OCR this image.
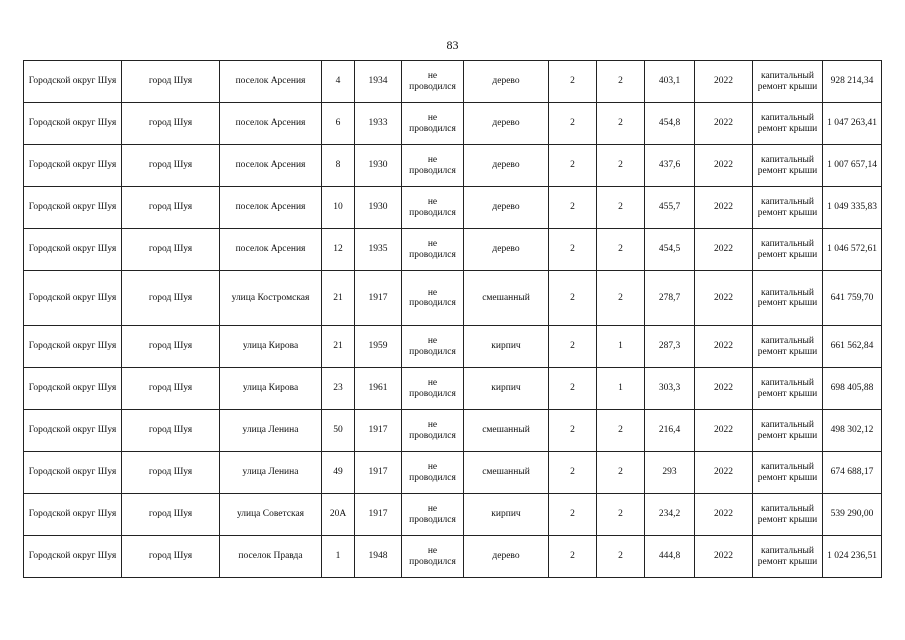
83
Городской округ Шуя	город Шуя	поселок Арсения	4	1934	не проводился	дерево	2	2	403,1	2022	капитальный ремонт крыши	928 214,34
Городской округ Шуя	город Шуя	поселок Арсения	6	1933	не проводился	дерево	2	2	454,8	2022	капитальный ремонт крыши	1 047 263,41
Городской округ Шуя	город Шуя	поселок Арсения	8	1930	не проводился	дерево	2	2	437,6	2022	капитальный ремонт крыши	1 007 657,14
Городской округ Шуя	город Шуя	поселок Арсения	10	1930	не проводился	дерево	2	2	455,7	2022	капитальный ремонт крыши	1 049 335,83
Городской округ Шуя	город Шуя	поселок Арсения	12	1935	не проводился	дерево	2	2	454,5	2022	капитальный ремонт крыши	1 046 572,61
Городской округ Шуя	город Шуя	улица Костромская	21	1917	не проводился	смешанный	2	2	278,7	2022	капитальный ремонт крыши	641 759,70
Городской округ Шуя	город Шуя	улица Кирова	21	1959	не проводился	кирпич	2	1	287,3	2022	капитальный ремонт крыши	661 562,84
Городской округ Шуя	город Шуя	улица Кирова	23	1961	не проводился	кирпич	2	1	303,3	2022	капитальный ремонт крыши	698 405,88
Городской округ Шуя	город Шуя	улица Ленина	50	1917	не проводился	смешанный	2	2	216,4	2022	капитальный ремонт крыши	498 302,12
Городской округ Шуя	город Шуя	улица Ленина	49	1917	не проводился	смешанный	2	2	293	2022	капитальный ремонт крыши	674 688,17
Городской округ Шуя	город Шуя	улица Советская	20А	1917	не проводился	кирпич	2	2	234,2	2022	капитальный ремонт крыши	539 290,00
Городской округ Шуя	город Шуя	поселок Правда	1	1948	не проводился	дерево	2	2	444,8	2022	капитальный ремонт крыши	1 024 236,51
